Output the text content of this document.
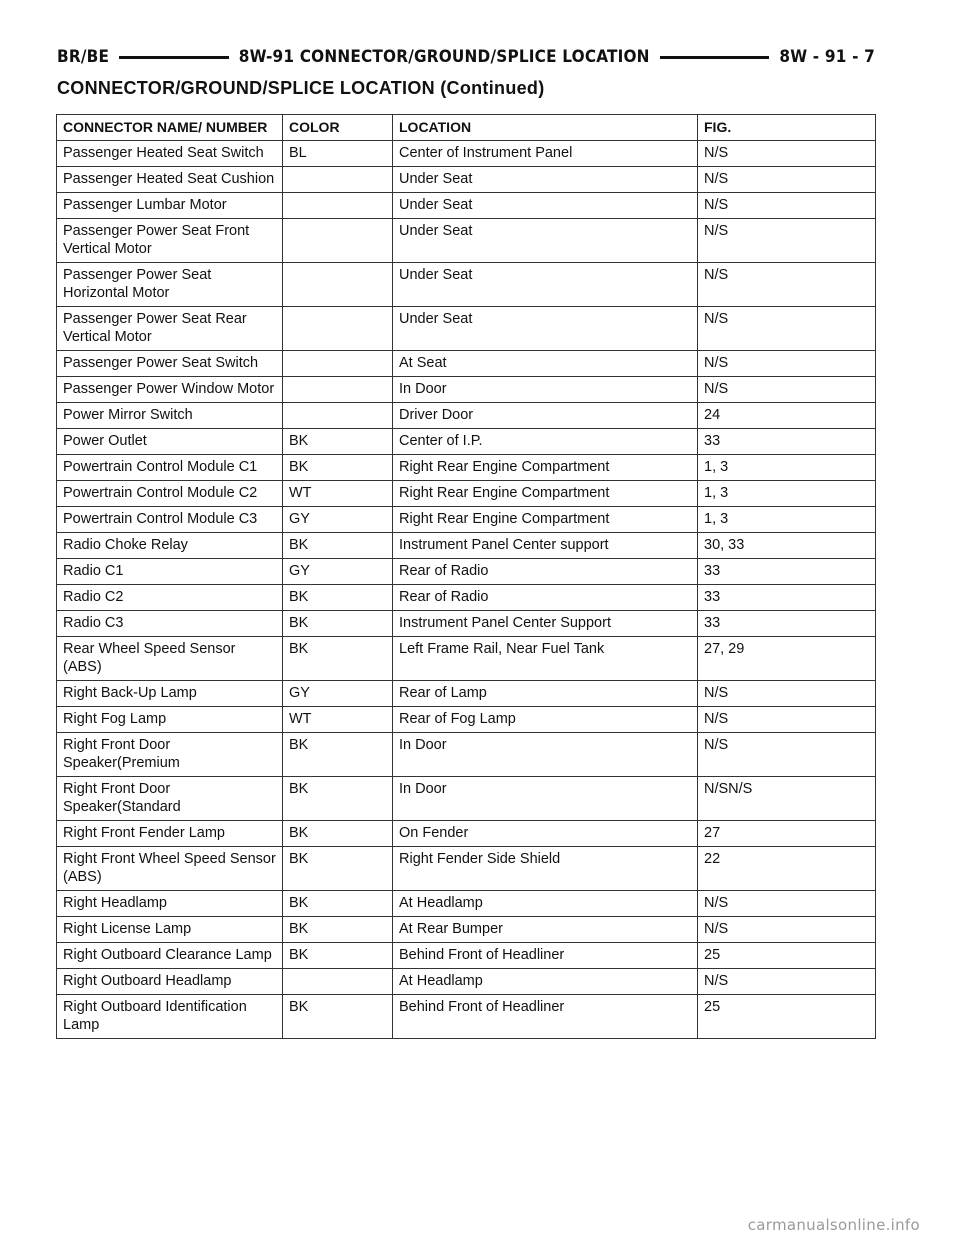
BR/BE	8W-91 CONNECTOR/GROUND/SPLICE LOCATION	8W - 91 - 7
CONNECTOR/GROUND/SPLICE LOCATION (Continued)
CONNECTOR NAME/ NUMBER	COLOR	LOCATION	FIG.
Passenger Heated Seat Switch	BL	Center of Instrument Panel	N/S
Passenger Heated Seat Cushion		Under Seat	N/S
Passenger Lumbar Motor		Under Seat	N/S
Passenger Power Seat Front Vertical Motor		Under Seat	N/S
Passenger Power Seat Horizontal Motor		Under Seat	N/S
Passenger Power Seat Rear Vertical Motor		Under Seat	N/S
Passenger Power Seat Switch		At Seat	N/S
Passenger Power Window Motor		In Door	N/S
Power Mirror Switch		Driver Door	24
Power Outlet	BK	Center of I.P.	33
Powertrain Control Module C1	BK	Right Rear Engine Compartment	1, 3
Powertrain Control Module C2	WT	Right Rear Engine Compartment	1, 3
Powertrain Control Module C3	GY	Right Rear Engine Compartment	1, 3
Radio Choke Relay	BK	Instrument Panel Center support	30, 33
Radio C1	GY	Rear of Radio	33
Radio C2	BK	Rear of Radio	33
Radio C3	BK	Instrument Panel Center Support	33
Rear Wheel Speed Sensor (ABS)	BK	Left Frame Rail, Near Fuel Tank	27, 29
Right Back-Up Lamp	GY	Rear of Lamp	N/S
Right Fog Lamp	WT	Rear of Fog Lamp	N/S
Right Front Door Speaker(Premium	BK	In Door	N/S
Right Front Door Speaker(Standard	BK	In Door	N/SN/S
Right Front Fender Lamp	BK	On Fender	27
Right Front Wheel Speed Sensor (ABS)	BK	Right Fender Side Shield	22
Right Headlamp	BK	At Headlamp	N/S
Right License Lamp	BK	At Rear Bumper	N/S
Right Outboard Clearance Lamp	BK	Behind Front of Headliner	25
Right Outboard Headlamp		At Headlamp	N/S
Right Outboard Identification Lamp	BK	Behind Front of Headliner	25
carmanualsonline.info
